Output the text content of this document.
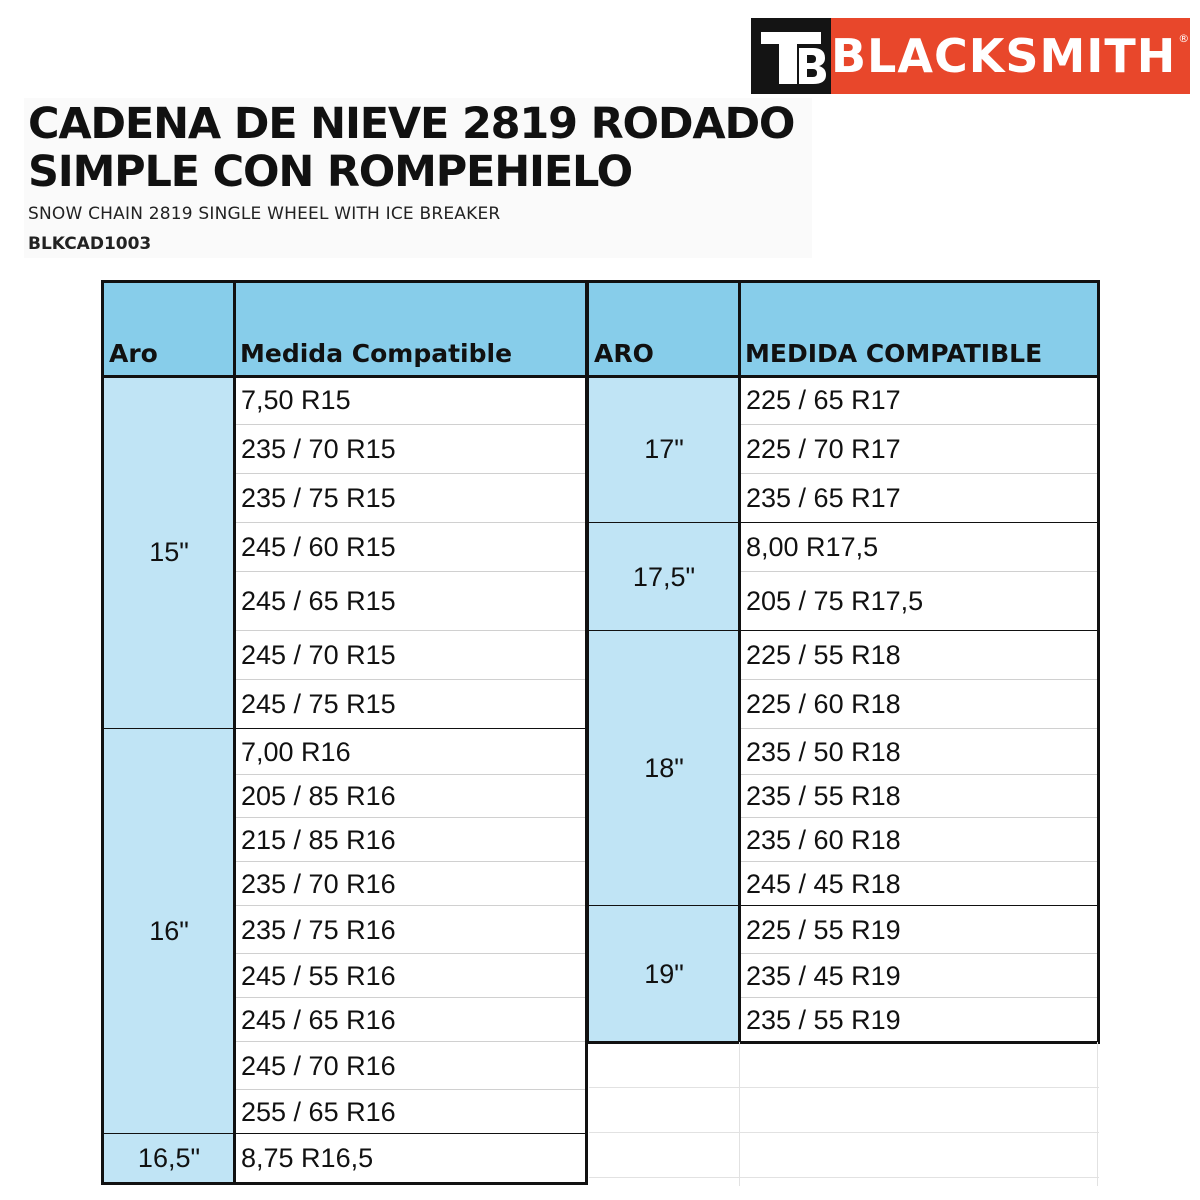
BLACKSMITH®
CADENA DE NIEVE 2819 RODADO
SIMPLE CON ROMPEHIELO
SNOW CHAIN 2819 SINGLE WHEEL WITH ICE BREAKER
BLKCAD1003
Aro	Medida Compatible
7,50 R15
235 / 70 R15
235 / 75 R15
245 / 60 R15
245 / 65 R15
245 / 70 R15
245 / 75 R15
15"
7,00 R16
205 / 85 R16
215 / 85 R16
235 / 70 R16
235 / 75 R16
245 / 55 R16
245 / 65 R16
245 / 70 R16
255 / 65 R16
16"
8,75 R16,5
16,5"
ARO	MEDIDA COMPATIBLE
225 / 65 R17
225 / 70 R17
235 / 65 R17
17"
8,00 R17,5
205 / 75 R17,5
17,5"
225 / 55 R18
225 / 60 R18
235 / 50 R18
235 / 55 R18
235 / 60 R18
245 / 45 R18
18"
225 / 55 R19
235 / 45 R19
235 / 55 R19
19"
